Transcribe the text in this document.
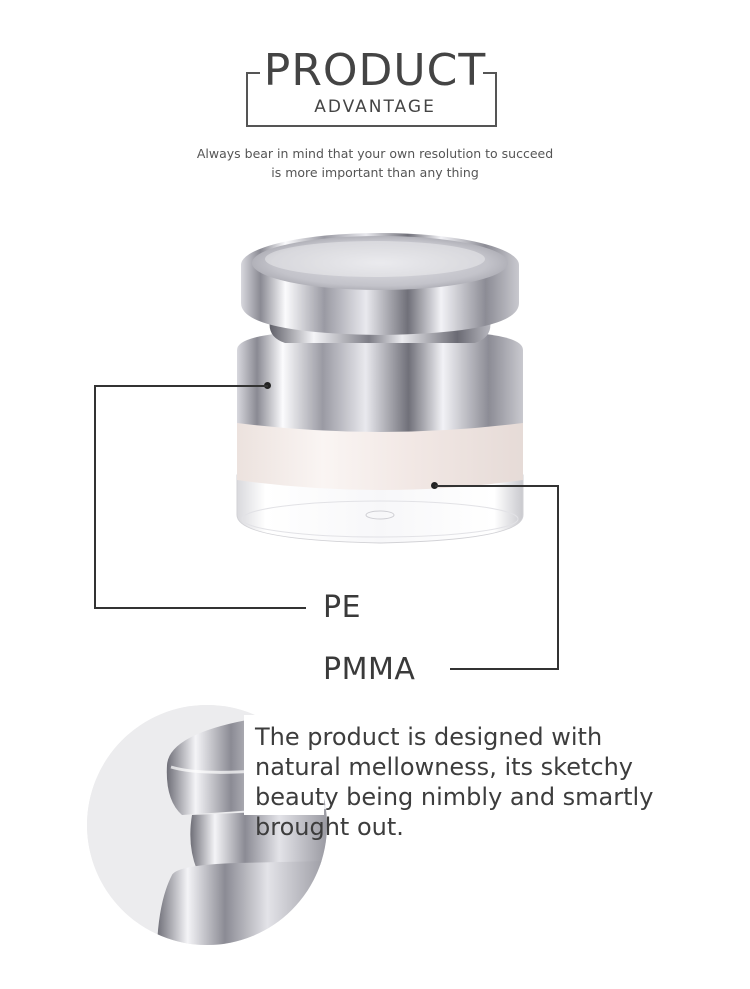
PRODUCT
ADVANTAGE
Always bear in mind that your own resolution to succeed
is more important than any thing
PE
PMMA
The product is designed with natural mellowness, its sketchy beauty being nimbly and smartly brought out.
